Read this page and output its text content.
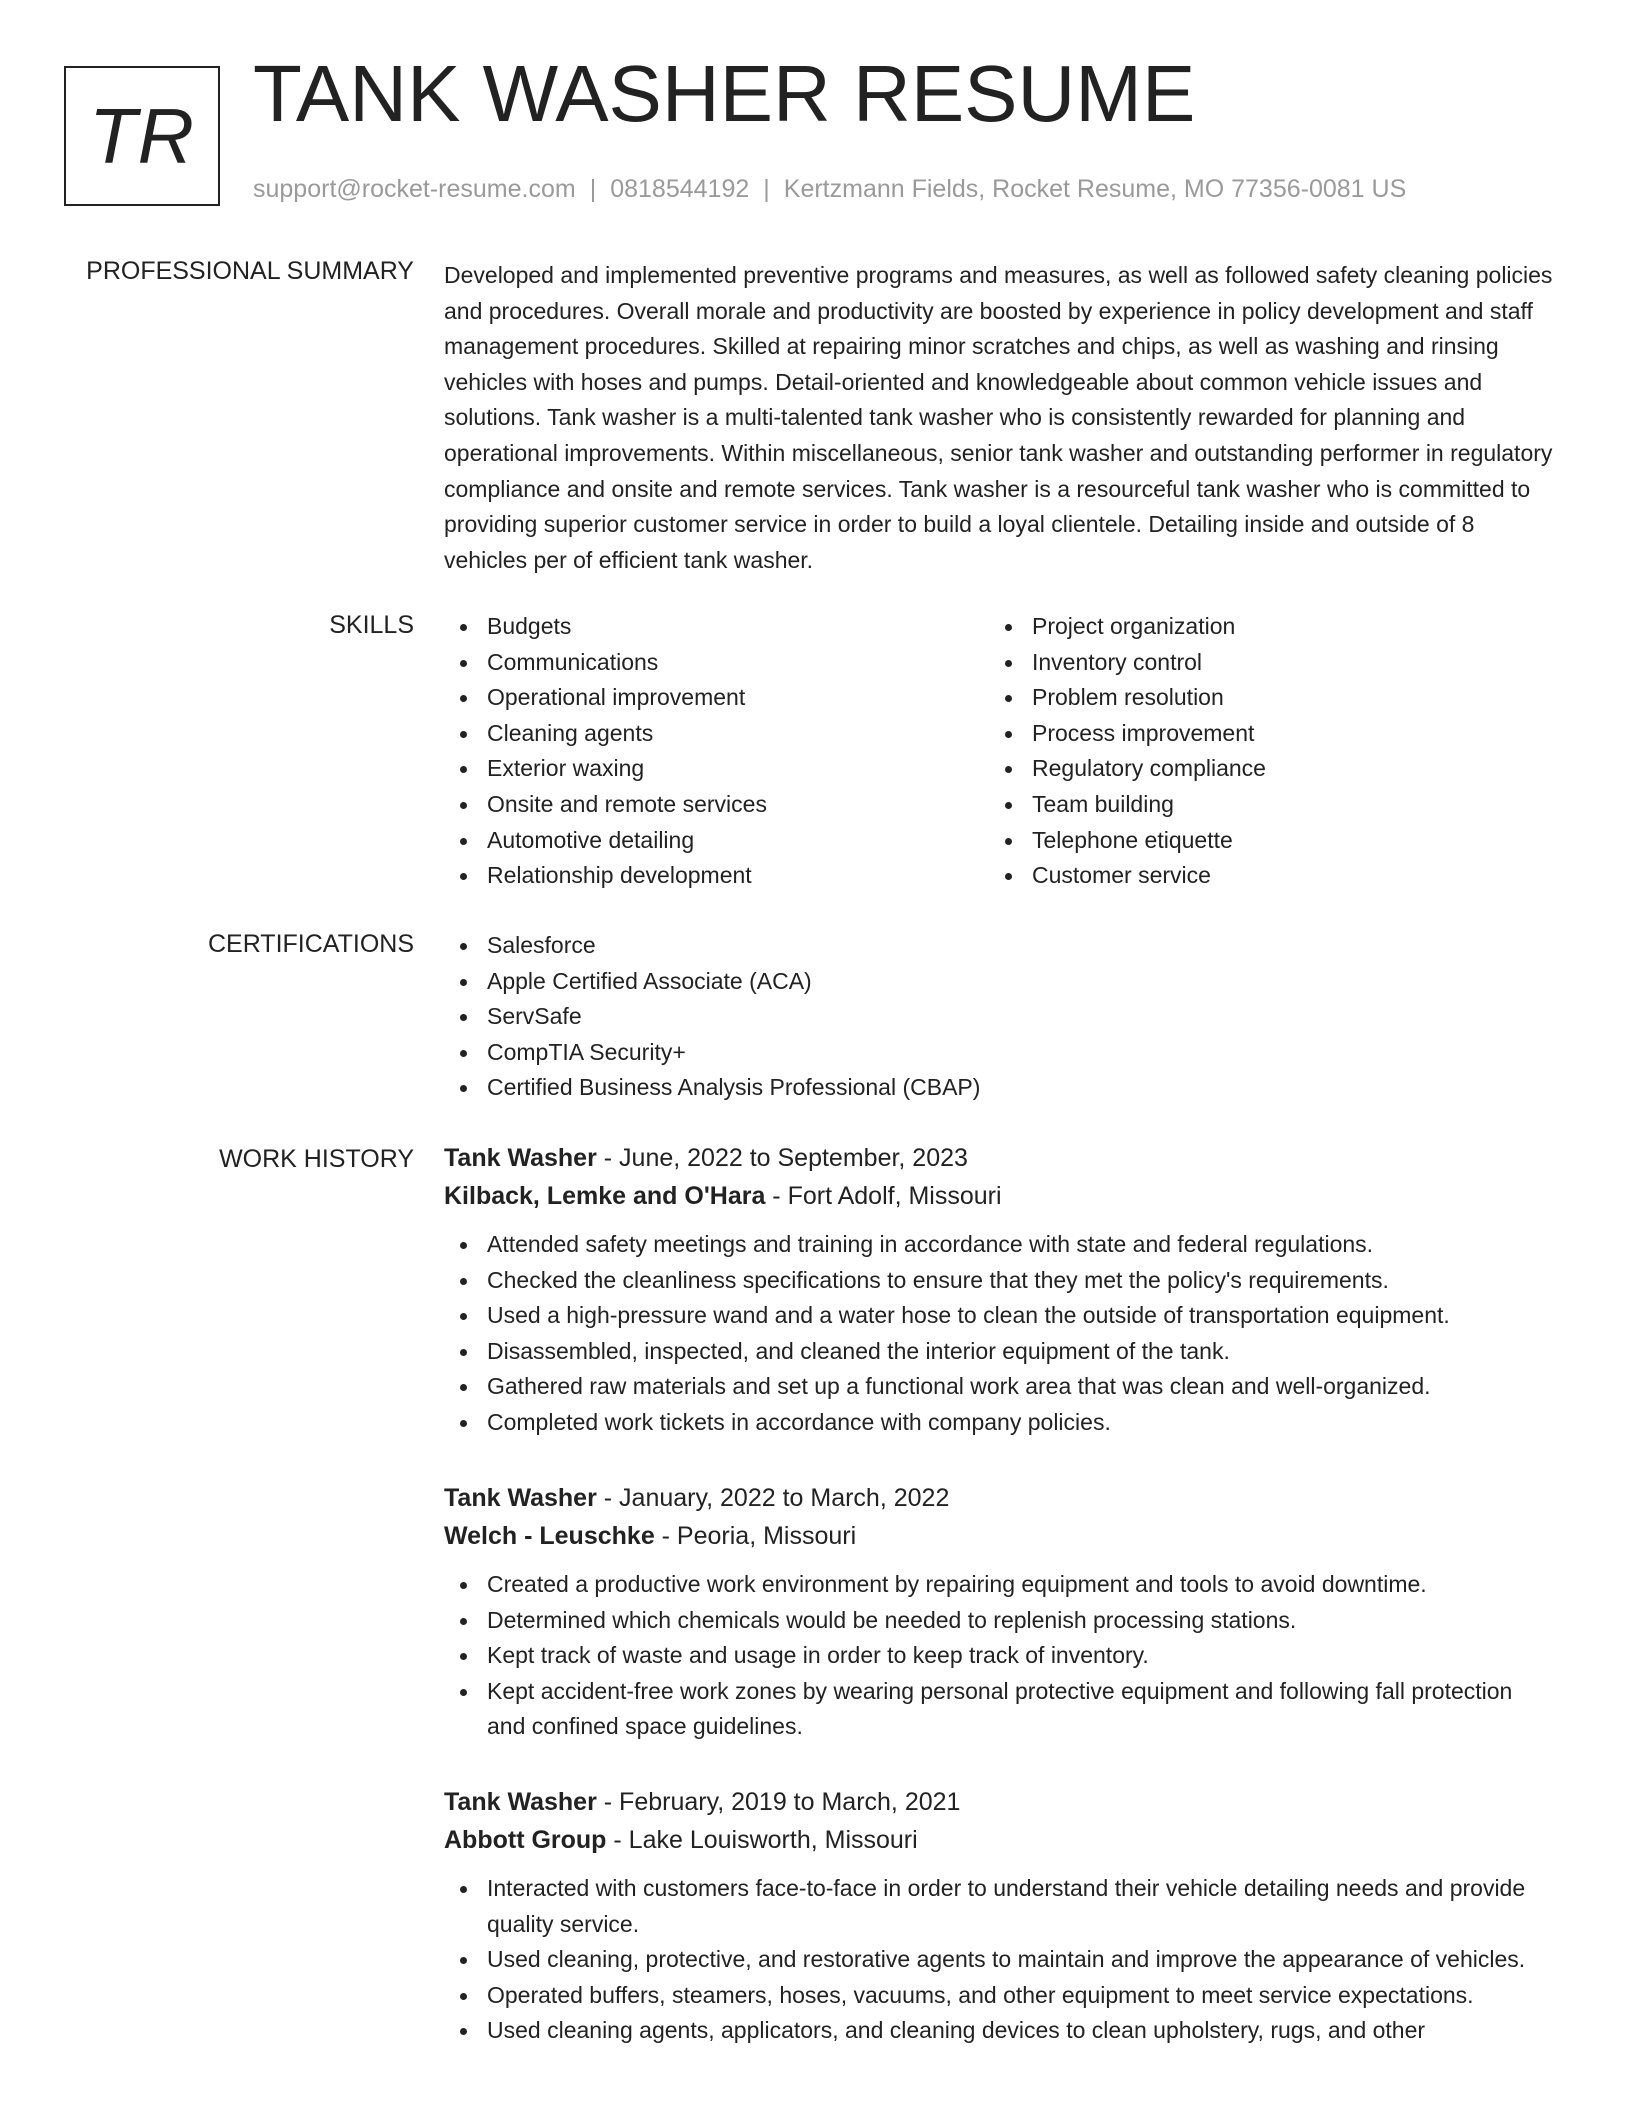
TR TANK WASHER RESUME
support@rocket-resume.com | 0818544192 | Kertzmann Fields, Rocket Resume, MO 77356-0081 US
PROFESSIONAL SUMMARY Developed and implemented preventive programs and measures, as well as followed safety cleaning policies and procedures. Overall morale and productivity are boosted by experience in policy development and staff management procedures. Skilled at repairing minor scratches and chips, as well as washing and rinsing vehicles with hoses and pumps. Detail-oriented and knowledgeable about common vehicle issues and solutions. Tank washer is a multi-talented tank washer who is consistently rewarded for planning and operational improvements. Within miscellaneous, senior tank washer and outstanding performer in regulatory compliance and onsite and remote services. Tank washer is a resourceful tank washer who is committed to providing superior customer service in order to build a loyal clientele. Detailing inside and outside of 8 vehicles per of efficient tank washer.

SKILLS	Budgets
Communications
Operational improvement
Cleaning agents
Exterior waxing
Onsite and remote services
Automotive detailing
Relationship development
Project organization
Inventory control
Problem resolution
Process improvement
Regulatory compliance
Team building
Telephone etiquette
Customer service
CERTIFICATIONS	Salesforce
Apple Certified Associate (ACA)
ServSafe
CompTIA Security+
Certified Business Analysis Professional (CBAP)
WORK HISTORY Tank Washer - June, 2022 to September, 2023
Kilback, Lemke and O'Hara - Fort Adolf, Missouri
Attended safety meetings and training in accordance with state and federal regulations.
Checked the cleanliness specifications to ensure that they met the policy's requirements.
Used a high-pressure wand and a water hose to clean the outside of transportation equipment.
Disassembled, inspected, and cleaned the interior equipment of the tank.
Gathered raw materials and set up a functional work area that was clean and well-organized.
Completed work tickets in accordance with company policies.
Tank Washer - January, 2022 to March, 2022
Welch - Leuschke - Peoria, Missouri
Created a productive work environment by repairing equipment and tools to avoid downtime.
Determined which chemicals would be needed to replenish processing stations.
Kept track of waste and usage in order to keep track of inventory.
Kept accident-free work zones by wearing personal protective equipment and following fall protection and confined space guidelines.
Tank Washer - February, 2019 to March, 2021
Abbott Group - Lake Louisworth, Missouri
Interacted with customers face-to-face in order to understand their vehicle detailing needs and provide quality service.
Used cleaning, protective, and restorative agents to maintain and improve the appearance of vehicles.
Operated buffers, steamers, hoses, vacuums, and other equipment to meet service expectations.
Used cleaning agents, applicators, and cleaning devices to clean upholstery, rugs, and other
